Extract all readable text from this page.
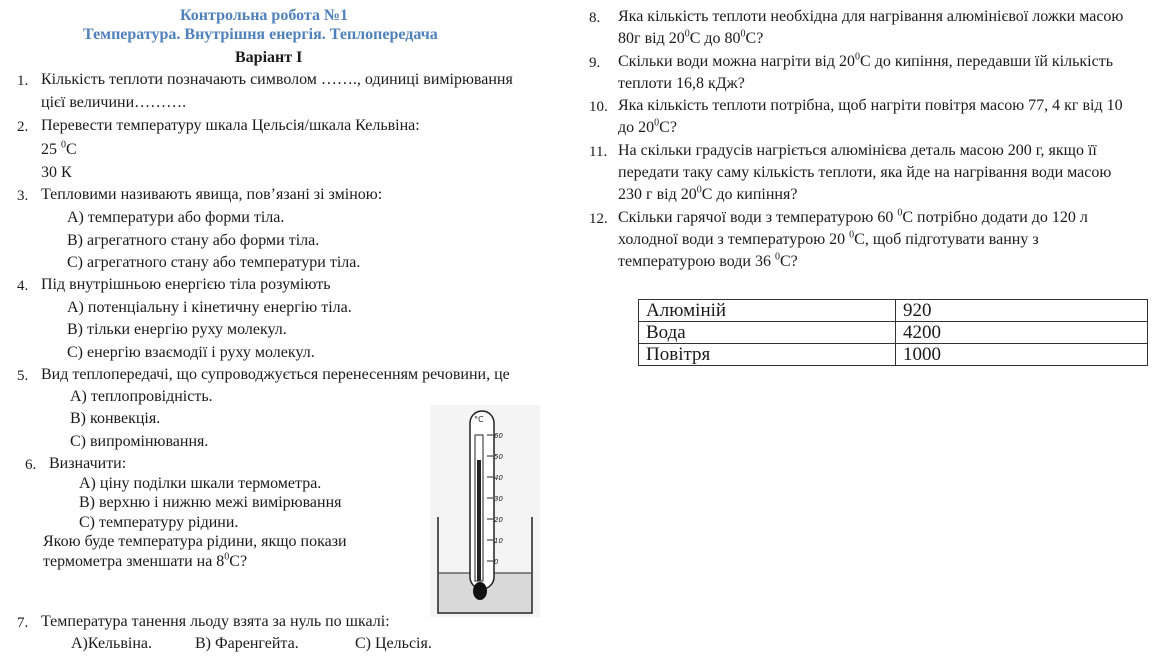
Контрольна робота №1
Температура. Внутрішня енергія. Теплопередача
Варіант І
1. Кількість теплоти позначають символом ……., одиниці вимірювання
цієї величини……….
2. Перевести температуру шкала Цельсія/шкала Кельвіна:
25 $^0$С
30 К
3. Тепловими називають явища, пов’язані зі зміною:
А) температури або форми тіла.
В) агрегатного стану або форми тіла.
С) агрегатного стану або температури тіла.
4. Під внутрішньою енергією тіла розуміють
А) потенціальну і кінетичну енергію тіла.
В) тільки енергію руху молекул.
С) енергію взаємодії і руху молекул.
5. Вид теплопередачі, що супроводжується перенесенням речовини, це
А) теплопровідність.
В) конвекція.
С) випромінювання.
6. Визначити:
А) ціну поділки шкали термометра.
В) верхню і нижню межі вимірювання
С) температуру рідини.
Якою буде температура рідини, якщо покази
термометра зменшати на $8^0С$?
°C
60
50
40
30
20
10
0
7. Температура танення льоду взята за нуль по шкалі:
А)Кельвіна.	В) Фаренгейта.	С) Цельсія.
8. Яка кількість теплоти необхідна для нагрівання алюмінієвої ложки масою
80г від $20^0С$ до $80^0С$?
9. Скільки води можна нагріти від $20^0С$ до кипіння, передавши їй кількість
теплоти 16,8 кДж?
10. Яка кількість теплоти потрібна, щоб нагріти повітря масою 77, 4 кг від 10
до $20^0С$?
11. На скільки градусів нагріється алюмінієва деталь масою 200 г, якщо її
передати таку саму кількість теплоти, яка йде на нагрівання води масою
230 г від $20^0С$ до кипіння?
12. Скільки гарячої води з температурою 60 $^0$С потрібно додати до 120 л
холодної води з температурою 20 $^0$С, щоб підготувати ванну з
температурою води 36 $^0$С?
Алюміній	920
Вода	4200
Повітря	1000
